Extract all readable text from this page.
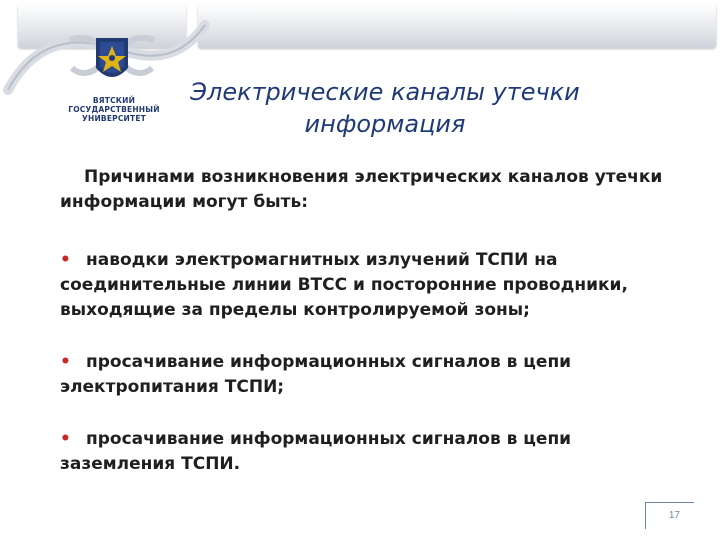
ВЯТСКИЙ
ГОСУДАРСТВЕННЫЙ
УНИВЕРСИТЕТ
Электрические каналы утечки
информация

Причинами возникновения электрических каналов утечки информации могут быть:

• наводки электромагнитных излучений ТСПИ на соединительные линии ВТСС и посторонние проводники, выходящие за пределы контролируемой зоны;

• просачивание информационных сигналов в цепи электропитания ТСПИ;

• просачивание информационных сигналов в цепи заземления ТСПИ.

17
